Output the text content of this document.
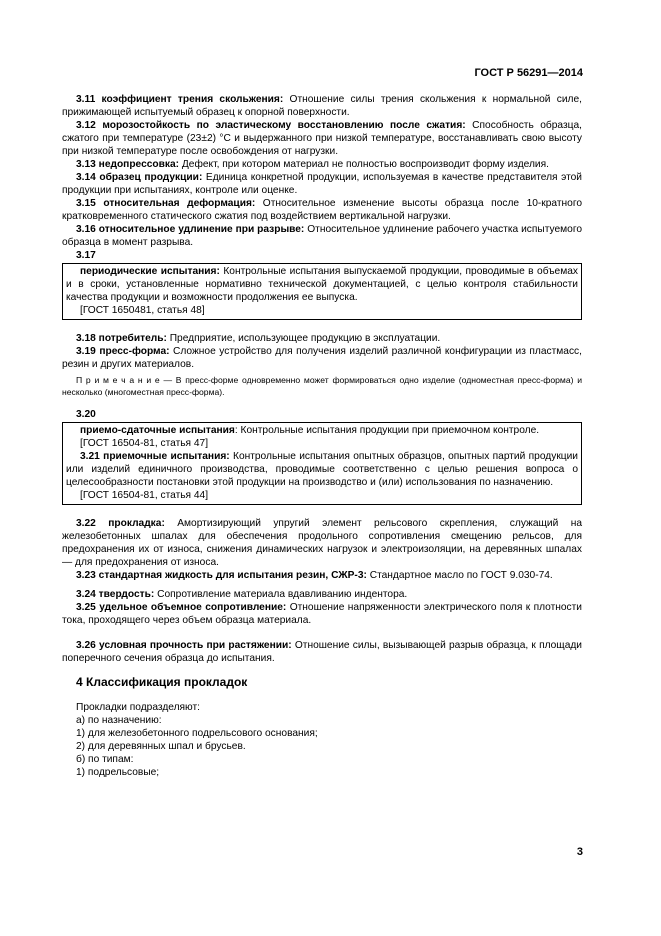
ГОСТ Р 56291—2014

3.11 коэффициент трения скольжения: Отношение силы трения скольжения к нормальной силе, прижимающей испытуемый образец к опорной поверхности.

3.12 морозостойкость по эластическому восстановлению после сжатия: Способность образца, сжатого при температуре (23±2) °С и выдержанного при низкой температуре, восстанавливать свою высоту при низкой температуре после освобождения от нагрузки.

3.13 недопрессовка: Дефект, при котором материал не полностью воспроизводит форму изделия.

3.14 образец продукции: Единица конкретной продукции, используемая в качестве представителя этой продукции при испытаниях, контроле или оценке.

3.15 относительная деформация: Относительное изменение высоты образца после 10-кратного кратковременного статического сжатия под воздействием вертикальной нагрузки.

3.16 относительное удлинение при разрыве: Относительное удлинение рабочего участка испытуемого образца в момент разрыва.

3.17

периодические испытания: Контрольные испытания выпускаемой продукции, проводимые в объемах и в сроки, установленные нормативно технической документацией, с целью контроля стабильности качества продукции и возможности продолжения ее выпуска.

[ГОСТ 1650481, статья 48]

3.18 потребитель: Предприятие, использующее продукцию в эксплуатации.

3.19 пресс-форма: Сложное устройство для получения изделий различной конфигурации из пластмасс, резин и других материалов.

П р и м е ч а н и е — В пресс-форме одновременно может формироваться одно изделие (одноместная пресс-форма) и несколько (многоместная пресс-форма).

3.20

приемо-сдаточные испытания: Контрольные испытания продукции при приемочном контроле.

[ГОСТ 16504-81, статья 47]

3.21 приемочные испытания: Контрольные испытания опытных образцов, опытных партий продукции или изделий единичного производства, проводимые соответственно с целью решения вопроса о целесообразности постановки этой продукции на производство и (или) использования по назначению.

[ГОСТ 16504-81, статья 44]

3.22 прокладка: Амортизирующий упругий элемент рельсового скрепления, служащий на железобетонных шпалах для обеспечения продольного сопротивления смещению рельсов, для предохранения их от износа, снижения динамических нагрузок и электроизоляции, на деревянных шпалах — для предохранения от износа.

3.23 стандартная жидкость для испытания резин, СЖР-3: Стандартное масло по ГОСТ 9.030-74.

3.24 твердость: Сопротивление материала вдавливанию индентора.

3.25 удельное объемное сопротивление: Отношение напряженности электрического поля к плотности тока, проходящего через объем образца материала.

3.26 условная прочность при растяжении: Отношение силы, вызывающей разрыв образца, к площади поперечного сечения образца до испытания.

4 Классификация прокладок
Прокладки подразделяют:
а) по назначению:
1) для железобетонного подрельсового основания;
2) для деревянных шпал и брусьев.
б) по типам:
1) подрельсовые;
3
